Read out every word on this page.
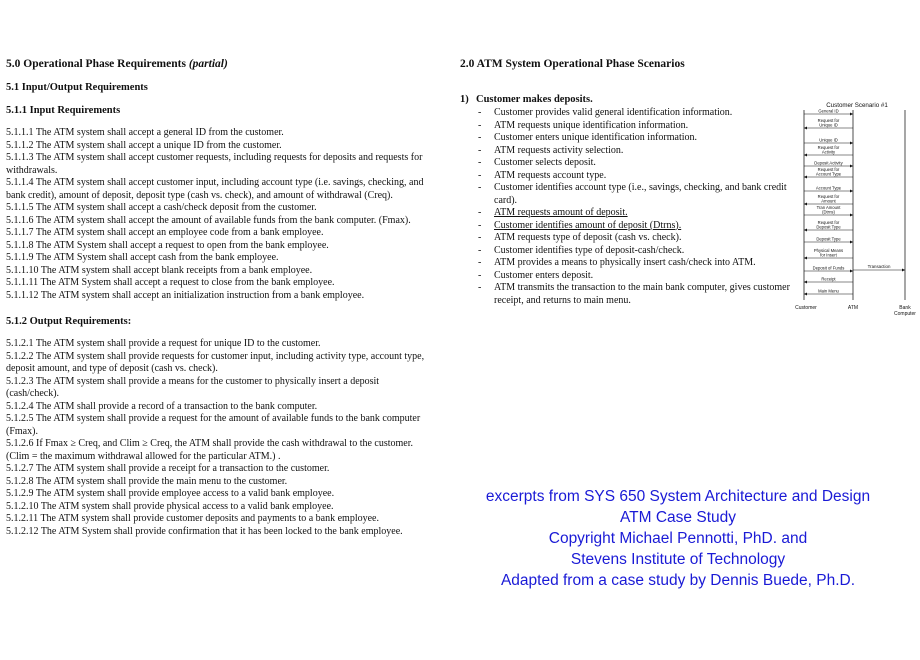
5.0 Operational Phase Requirements (partial)
5.1 Input/Output Requirements
5.1.1 Input Requirements
5.1.1.1 The ATM system shall accept a general ID from the customer.
5.1.1.2 The ATM system shall accept a unique ID from the customer.
5.1.1.3 The ATM system shall accept customer requests, including requests for deposits and requests for withdrawals.
5.1.1.4 The ATM system shall accept customer input, including account type (i.e. savings, checking, and bank credit), amount of deposit, deposit type (cash vs. check), and amount of withdrawal (Creq).
5.1.1.5 The ATM system shall accept a cash/check deposit from the customer.
5.1.1.6 The ATM system shall accept the amount of available funds from the bank computer. (Fmax).
5.1.1.7 The ATM system shall accept an employee code from a bank employee.
5.1.1.8 The ATM System shall accept a request to open from the bank employee.
5.1.1.9 The ATM System shall accept cash from the bank employee.
5.1.1.10 The ATM system shall accept blank receipts from a bank employee.
5.1.1.11 The ATM System shall accept a request to close from the bank employee.
5.1.1.12 The ATM system shall accept an initialization instruction from a bank employee.
5.1.2 Output Requirements:
5.1.2.1 The ATM system shall provide a request for unique ID to the customer.
5.1.2.2 The ATM system shall provide requests for customer input, including activity type, account type, deposit amount, and type of deposit (cash vs. check).
5.1.2.3 The ATM system shall provide a means for the customer to physically insert a deposit (cash/check).
5.1.2.4 The ATM shall provide a record of a transaction to the bank computer.
5.1.2.5 The ATM system shall provide a request for the amount of available funds to the bank computer (Fmax).
5.1.2.6 If Fmax ≥ Creq, and Clim ≥ Creq, the ATM shall provide the cash withdrawal to the customer. (Clim = the maximum withdrawal allowed for the particular ATM.) .
5.1.2.7 The ATM system shall provide a receipt for a transaction to the customer.
5.1.2.8 The ATM system shall provide the main menu to the customer.
5.1.2.9 The ATM system shall provide employee access to a valid bank employee.
5.1.2.10 The ATM system shall provide physical access to a valid bank employee.
5.1.2.11 The ATM system shall provide customer deposits and payments to a bank employee.
5.1.2.12 The ATM System shall provide confirmation that it has been locked to the bank employee.
2.0 ATM System Operational Phase Scenarios
1) Customer makes deposits.
- Customer provides valid general identification information.
- ATM requests unique identification information.
- Customer enters unique identification information.
- ATM requests activity selection.
- Customer selects deposit.
- ATM requests account type.
- Customer identifies account type (i.e., savings, checking, and bank credit card).
- ATM requests amount of deposit.
- Customer identifies amount of deposit (Dtrns).
- ATM requests type of deposit (cash vs. check).
- Customer identifies type of deposit-cash/check.
- ATM provides a means to physically insert cash/check into ATM.
- Customer enters deposit.
- ATM transmits the transaction to the main bank computer, gives customer receipt, and returns to main menu.
Customer Scenario #1
General ID
Request for
Unique ID
Unique ID
Request for
Activity
Deposit Activity
Request for
Account Type
Account Type
Request for
Amount
Tran Amount
(Dtrns)
Request for
Deposit Type
Deposit Type
Physical Means
for Insert
Deposit of Funds
Receipt
Main Menu
Transaction
Customer	ATM	Bank
Computer
excerpts from SYS 650 System Architecture and Design
ATM Case Study
Copyright Michael Pennotti, PhD. and
Stevens Institute of Technology
Adapted from a case study by Dennis Buede, Ph.D.
